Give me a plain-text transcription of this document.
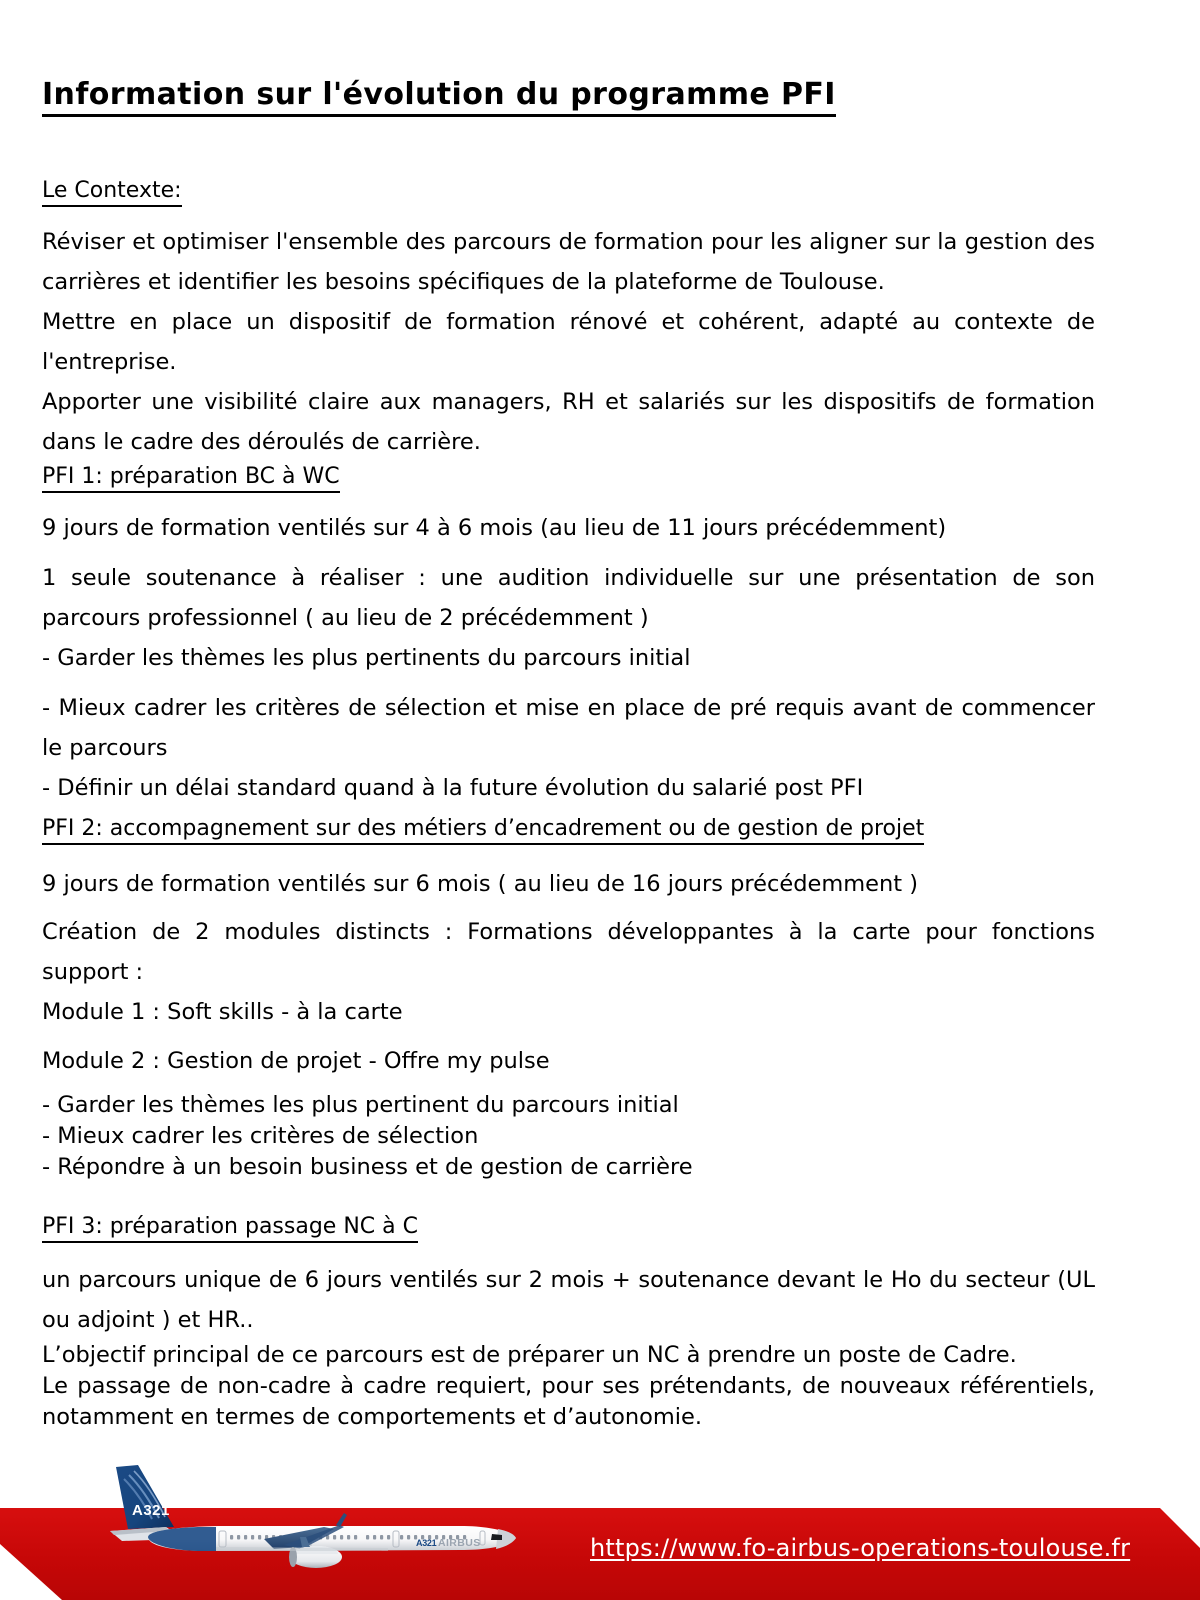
Information sur l'évolution du programme PFI
Le Contexte:
Réviser et optimiser l'ensemble des parcours de formation pour les aligner sur la gestion des carrières et identifier les besoins spécifiques de la plateforme de Toulouse.
Mettre en place un dispositif de formation rénové et cohérent, adapté au contexte de l'entreprise.
Apporter une visibilité claire aux managers, RH et salariés sur les dispositifs de formation dans le cadre des déroulés de carrière.
PFI 1: préparation BC à WC
9 jours de formation ventilés sur 4 à 6 mois (au lieu de 11 jours précédemment)
1 seule soutenance à réaliser : une audition individuelle sur une présentation de son parcours professionnel ( au lieu de 2 précédemment )
- Garder les thèmes les plus pertinents du parcours initial
- Mieux cadrer les critères de sélection et mise en place de pré requis avant de commencer le parcours
- Définir un délai standard quand à la future évolution du salarié post PFI
PFI 2: accompagnement sur des métiers d’encadrement ou de gestion de projet
9 jours de formation ventilés sur 6 mois ( au lieu de 16 jours précédemment )
Création de 2 modules distincts : Formations développantes à la carte pour fonctions support :
Module 1 : Soft skills - à la carte
Module 2 : Gestion de projet - Offre my pulse
- Garder les thèmes les plus pertinent du parcours initial
- Mieux cadrer les critères de sélection
- Répondre à un besoin business et de gestion de carrière
PFI 3: préparation passage NC à C
un parcours unique de 6 jours ventilés sur 2 mois + soutenance devant le Ho du secteur (UL ou adjoint ) et HR..
L’objectif principal de ce parcours est de préparer un NC à prendre un poste de Cadre.
Le passage de non-cadre à cadre requiert, pour ses prétendants, de nouveaux référentiels, notamment en termes de comportements et d’autonomie.
https://www.fo-airbus-operations-toulouse.fr
A321
A321 AIRBUS
